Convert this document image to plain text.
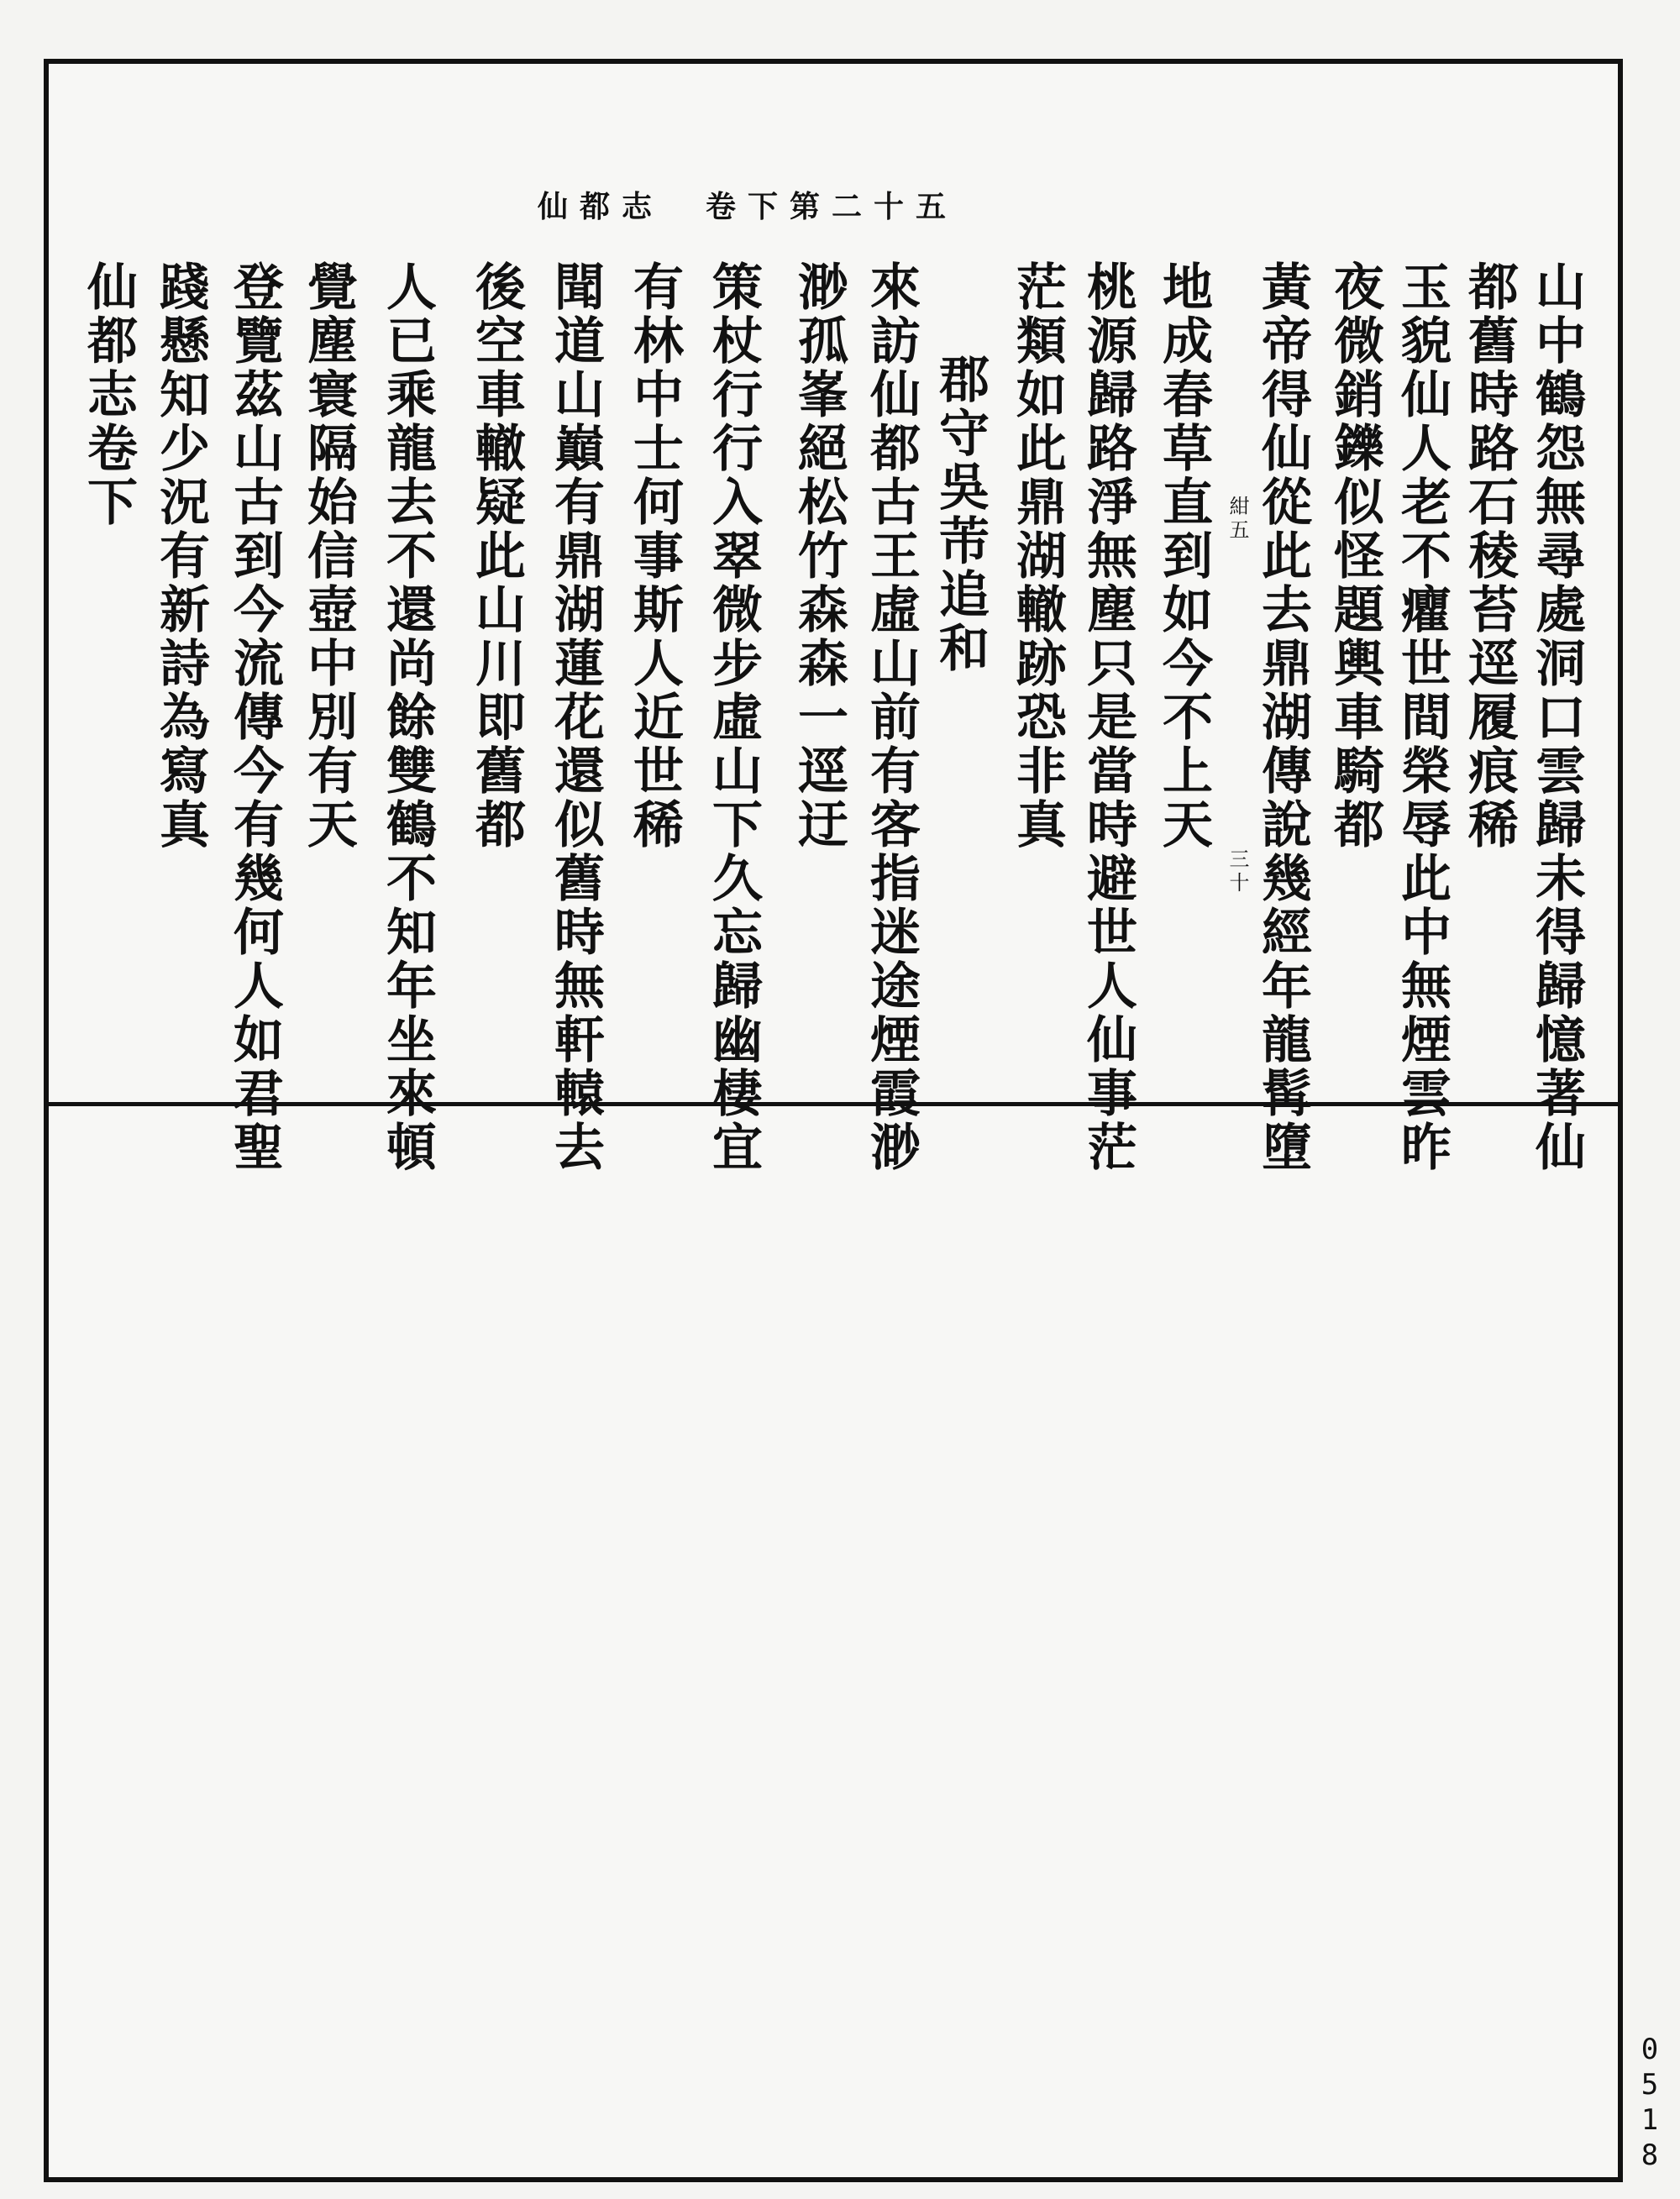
仙都志　卷下第二十五
山中鶴怨無尋處洞口雲歸未得歸憶著仙
都舊時路石稜苔逕履痕稀
玉貌仙人老不癯世間榮辱此中無煙雲昨
夜微銷鑠似怪題輿車騎都
黃帝得仙從此去鼎湖傳說幾經年龍髯墮
地成春草直到如今不上天
桃源歸路淨無塵只是當時避世人仙事茫
茫類如此鼎湖轍跡恐非真
郡守吳芾追和
來訪仙都古王虛山前有客指迷途煙霞渺
渺孤峯絕松竹森森一逕迂
策杖行行入翠微步虛山下久忘歸幽棲宜
有林中士何事斯人近世稀
聞道山巔有鼎湖蓮花還似舊時無軒轅去
後空車轍疑此山川即舊都
人已乘龍去不還尚餘雙鶴不知年坐來頓
覺塵寰隔始信壺中別有天
登覽茲山古到今流傳今有幾何人如君聖
踐懸知少況有新詩為寫真
仙都志卷下	紺五
三十
0518
